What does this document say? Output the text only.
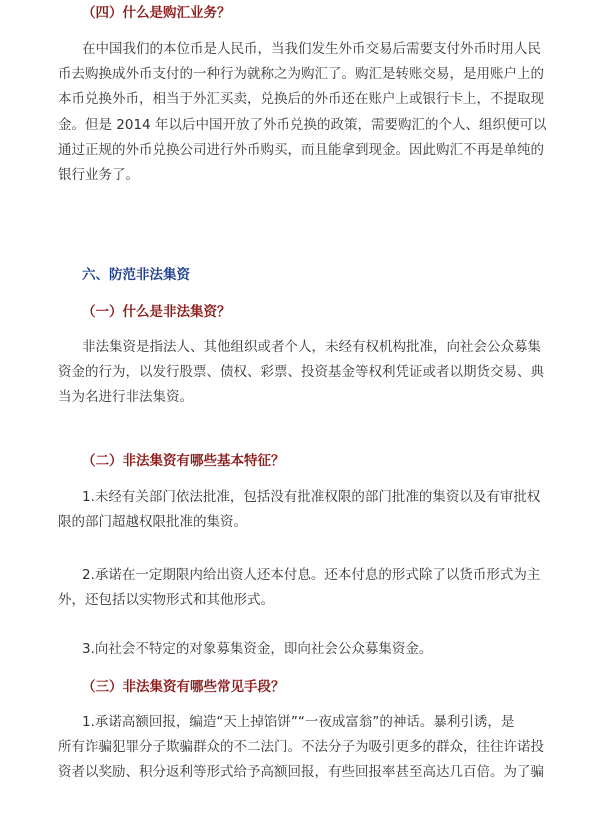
（四）什么是购汇业务？
在中国我们的本位币是人民币，当我们发生外币交易后需要支付外币时用人民
币去购换成外币支付的一种行为就称之为购汇了。购汇是转账交易，是用账户上的
本币兑换外币，相当于外汇买卖，兑换后的外币还在账户上或银行卡上，不提取现
金。但是 2014 年以后中国开放了外币兑换的政策，需要购汇的个人、组织便可以
通过正规的外币兑换公司进行外币购买，而且能拿到现金。因此购汇不再是单纯的
银行业务了。
六、防范非法集资
（一）什么是非法集资？
非法集资是指法人、其他组织或者个人，未经有权机构批准，向社会公众募集
资金的行为，以发行股票、债权、彩票、投资基金等权利凭证或者以期货交易、典
当为名进行非法集资。
（二）非法集资有哪些基本特征？
1.未经有关部门依法批准，包括没有批准权限的部门批准的集资以及有审批权
限的部门超越权限批准的集资。
2.承诺在一定期限内给出资人还本付息。还本付息的形式除了以货币形式为主
外，还包括以实物形式和其他形式。
3.向社会不特定的对象募集资金，即向社会公众募集资金。
（三）非法集资有哪些常见手段？
1.承诺高额回报，编造“天上掉馅饼”“一夜成富翁”的神话。暴利引诱，是
所有诈骗犯罪分子欺骗群众的不二法门。不法分子为吸引更多的群众，往往许诺投
资者以奖励、积分返利等形式给予高额回报，有些回报率甚至高达几百倍。为了骗
